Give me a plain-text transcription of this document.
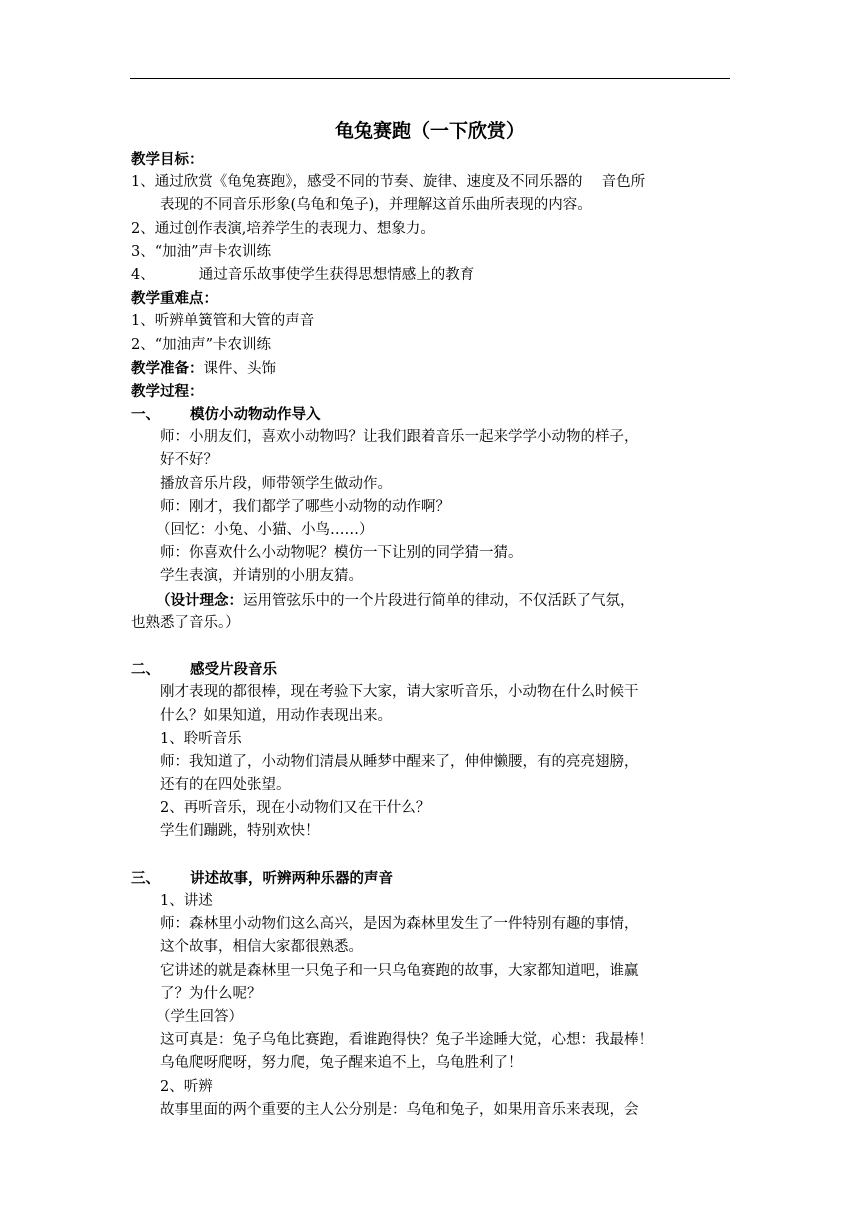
龟兔赛跑（一下欣赏）
教学目标：
1、通过欣赏《龟兔赛跑》，感受不同的节奏、旋律、速度及不同乐器的　 音色所
表现的不同音乐形象(乌龟和兔子)，并理解这首乐曲所表现的内容。
2、通过创作表演,培养学生的表现力、想象力。
3、“加油”声卡农训练
4、	通过音乐故事使学生获得思想情感上的教育
教学重难点：
1、听辨单簧管和大管的声音
2、“加油声”卡农训练
教学准备：课件、头饰
教学过程：
一、 模仿小动物动作导入
师：小朋友们，喜欢小动物吗？让我们跟着音乐一起来学学小动物的样子，
好不好？
播放音乐片段，师带领学生做动作。
师：刚才，我们都学了哪些小动物的动作啊？
（回忆：小兔、小猫、小鸟……）
师：你喜欢什么小动物呢？模仿一下让别的同学猜一猜。
学生表演，并请别的小朋友猜。
（设计理念：运用管弦乐中的一个片段进行简单的律动，不仅活跃了气氛，
也熟悉了音乐。）
二、 感受片段音乐
刚才表现的都很棒，现在考验下大家，请大家听音乐，小动物在什么时候干
什么？如果知道，用动作表现出来。
1、聆听音乐
师：我知道了，小动物们清晨从睡梦中醒来了，伸伸懒腰，有的亮亮翅膀，
还有的在四处张望。
2、再听音乐，现在小动物们又在干什么？
学生们蹦跳，特别欢快！
三、 讲述故事，听辨两种乐器的声音
1、讲述
师：森林里小动物们这么高兴，是因为森林里发生了一件特别有趣的事情，
这个故事，相信大家都很熟悉。
它讲述的就是森林里一只兔子和一只乌龟赛跑的故事，大家都知道吧，谁赢
了？为什么呢？
（学生回答）
这可真是：兔子乌龟比赛跑，看谁跑得快？兔子半途睡大觉，心想：我最棒！
乌龟爬呀爬呀，努力爬，兔子醒来追不上，乌龟胜利了！
2、听辨
故事里面的两个重要的主人公分别是：乌龟和兔子，如果用音乐来表现，会
